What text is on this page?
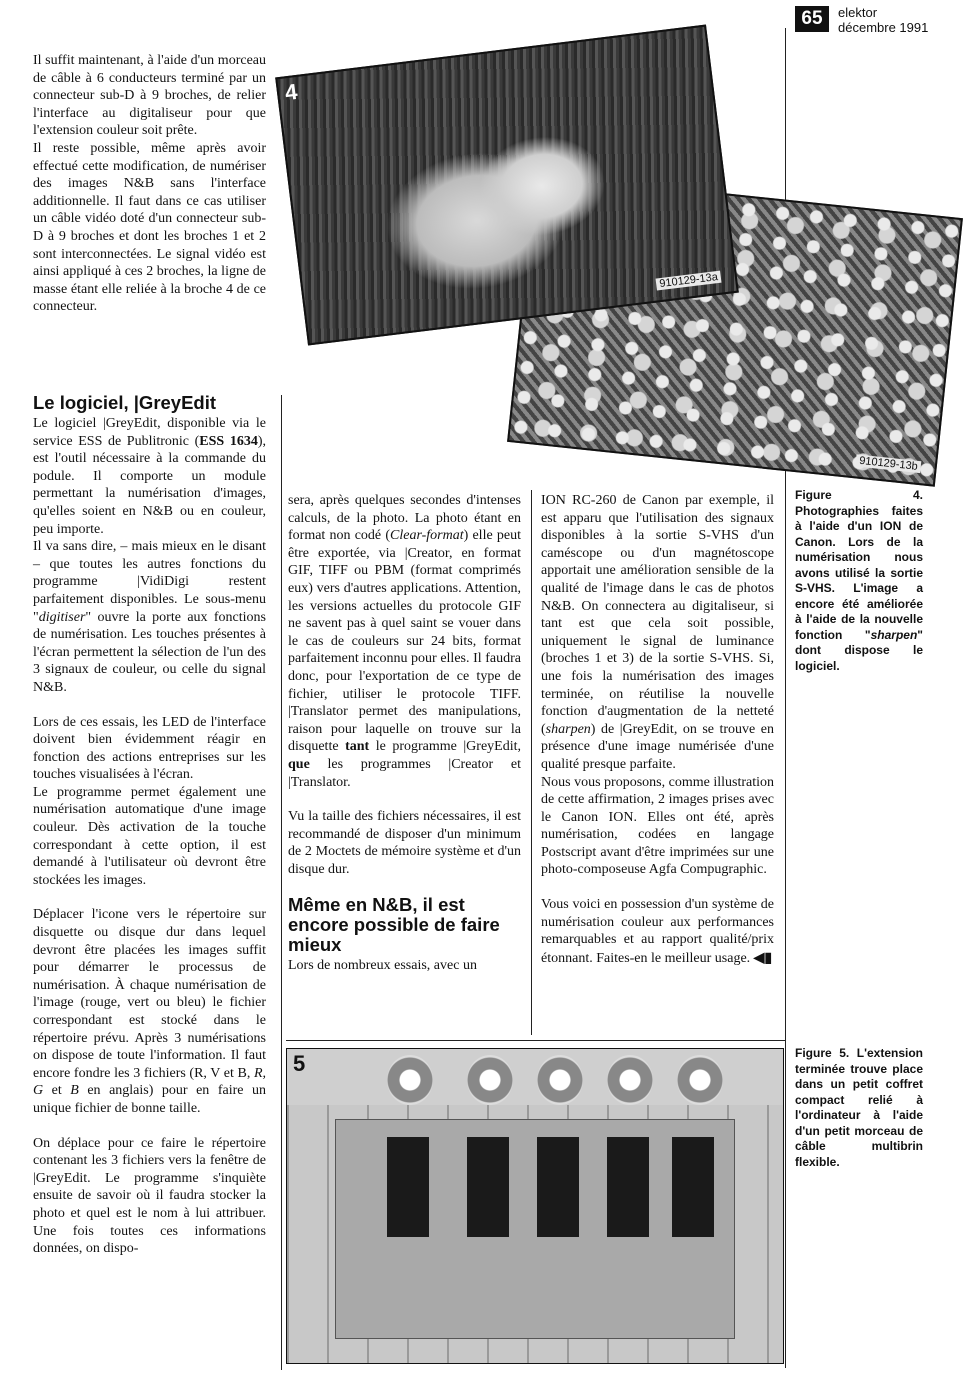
65	elektor
décembre 1991
910129-13b
4
910129-13a

Il suffit maintenant, à l'aide d'un morceau de câble à 6 conducteurs terminé par un connecteur sub-D à 9 broches, de relier l'interface au digitaliseur pour que l'extension couleur soit prête.

Il reste possible, même après avoir effectué cette modification, de numériser des images N&B sans l'interface additionnelle. Il faut dans ce cas utiliser un câble vidéo doté d'un connecteur sub-D à 9 broches et dont les broches 1 et 2 sont interconnectées. Le signal vidéo est ainsi appliqué à ces 2 broches, la ligne de masse étant elle reliée à la broche 4 de ce connecteur.

Le logiciel, |GreyEdit

Le logiciel |GreyEdit, disponible via le service ESS de Publitronic (ESS 1634), est l'outil nécessaire à la commande du podule. Il comporte un module permettant la numérisation d'images, qu'elles soient en N&B ou en couleur, peu importe.

Il va sans dire, – mais mieux en le disant – que toutes les autres fonctions du programme |VidiDigi restent parfaitement disponibles. Le sous-menu "digitiser" ouvre la porte aux fonctions de numérisation. Les touches présentes à l'écran permettent la sélection de l'un des 3 signaux de couleur, ou celle du signal N&B.

Lors de ces essais, les LED de l'interface doivent bien évidemment réagir en fonction des actions entreprises sur les touches visualisées à l'écran.

Le programme permet également une numérisation automatique d'une image couleur. Dès activation de la touche correspondant à cette option, il est demandé à l'utilisateur où devront être stockées les images.

Déplacer l'icone vers le répertoire sur disquette ou disque dur dans lequel devront être placées les images suffit pour démarrer le processus de numérisation. À chaque numérisation de l'image (rouge, vert ou bleu) le fichier correspondant est stocké dans le répertoire prévu. Après 3 numérisations on dispose de toute l'information. Il faut encore fondre les 3 fichiers (R, V et B, R, G et B en anglais) pour en faire un unique fichier de bonne taille.

On déplace pour ce faire le répertoire contenant les 3 fichiers vers la fenêtre de |GreyEdit. Le programme s'inquiète ensuite de savoir où il faudra stocker la photo et quel est le nom à lui attribuer. Une fois toutes ces informations données, on dispo-

sera, après quelques secondes d'intenses calculs, de la photo. La photo étant en format non codé (Clear-format) elle peut être exportée, via |Creator, en format GIF, TIFF ou PBM (format comprimés eux) vers d'autres applications. Attention, les versions actuelles du protocole GIF ne savent pas à quel saint se vouer dans le cas de couleurs sur 24 bits, format parfaitement inconnu pour elles. Il faudra donc, pour l'exportation de ce type de fichier, utiliser le protocole TIFF. |Translator permet des manipulations, raison pour laquelle on trouve sur la disquette tant le programme |GreyEdit, que les programmes |Creator et |Translator.

Vu la taille des fichiers nécessaires, il est recommandé de disposer d'un minimum de 2 Moctets de mémoire système et d'un disque dur.

Même en N&B, il est encore possible de faire mieux

Lors de nombreux essais, avec un

ION RC-260 de Canon par exemple, il est apparu que l'utilisation des signaux disponibles à la sortie S-VHS d'un caméscope ou d'un magnétoscope apportait une amélioration sensible de la qualité de l'image dans le cas de photos N&B. On connectera au digitaliseur, si tant est que cela soit possible, uniquement le signal de luminance (broches 1 et 3) de la sortie S-VHS. Si, une fois la numérisation des images terminée, on réutilise la nouvelle fonction d'augmentation de la netteté (sharpen) de |GreyEdit, on se trouve en présence d'une image numérisée d'une qualité presque parfaite.

Nous vous proposons, comme illustration de cette affirmation, 2 images prises avec le Canon ION. Elles ont été, après numérisation, codées en langage Postscript avant d'être imprimées sur une photo-composeuse Agfa Compugraphic.

Vous voici en possession d'un système de numérisation couleur aux performances remarquables et au rapport qualité/prix étonnant. Faites-en le meilleur usage. ◀▮

Figure 4. Photographies faites à l'aide d'un ION de Canon. Lors de la numérisation nous avons utilisé la sortie S-VHS. L'image a encore été améliorée à l'aide de la nouvelle fonction "sharpen" dont dispose le logiciel.
Figure 5. L'extension terminée trouve place dans un petit coffret compact relié à l'ordinateur à l'aide d'un petit morceau de câble multibrin flexible.
5
